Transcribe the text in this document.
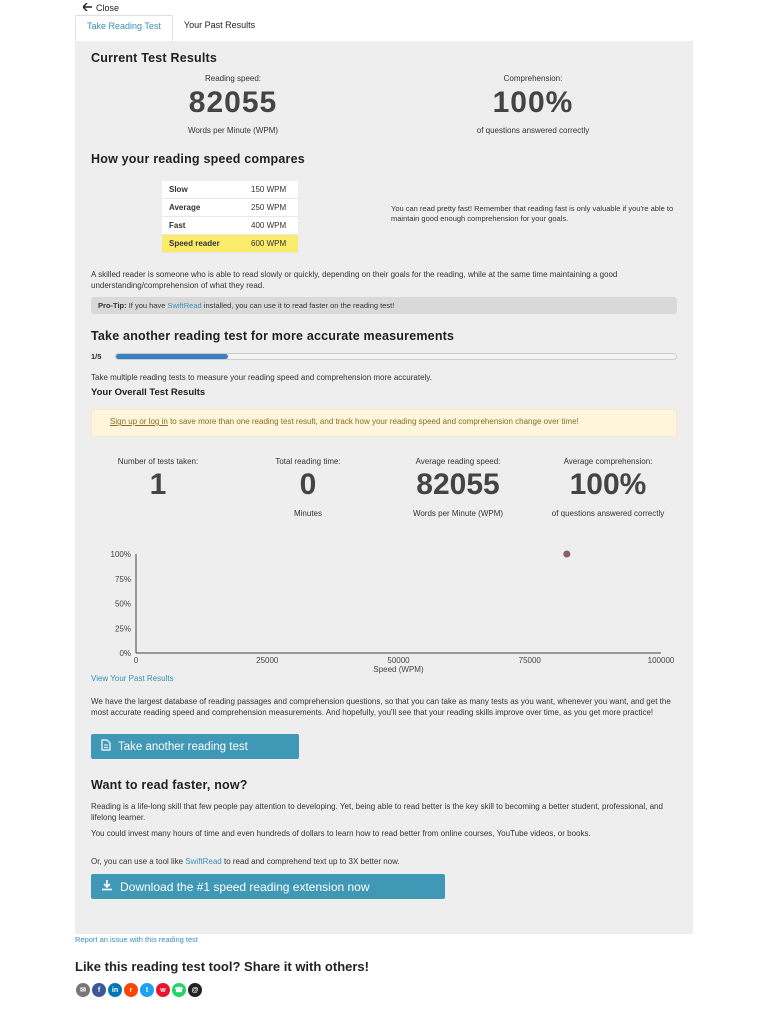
Close
Take Reading Test	Your Past Results
Current Test Results
Reading speed:
82055
Words per Minute (WPM)
Comprehension:
100%
of questions answered correctly
How your reading speed compares
Slow	150 WPM
Average	250 WPM
Fast	400 WPM
Speed reader	600 WPM
You can read pretty fast! Remember that reading fast is only valuable if you're able to maintain good enough comprehension for your goals.
A skilled reader is someone who is able to read slowly or quickly, depending on their goals for the reading, while at the same time maintaining a good understanding/comprehension of what they read.
Pro-Tip: If you have SwiftRead installed, you can use it to read faster on the reading test!
Take another reading test for more accurate measurements
1/5
Take multiple reading tests to measure your reading speed and comprehension more accurately.
Your Overall Test Results
Sign up or log in to save more than one reading test result, and track how your reading speed and comprehension change over time!
Number of tests taken:
1
Total reading time:
0
Minutes
Average reading speed:
82055
Words per Minute (WPM)
Average comprehension:
100%
of questions answered correctly
0%
25%
50%
75%
100%
0	25000	50000	75000	100000
Speed (WPM)
View Your Past Results
We have the largest database of reading passages and comprehension questions, so that you can take as many tests as you want, whenever you want, and get the most accurate reading speed and comprehension measurements. And hopefully, you'll see that your reading skills improve over time, as you get more practice!
Take another reading test
Want to read faster, now?
Reading is a life-long skill that few people pay attention to developing. Yet, being able to read better is the key skill to becoming a better student, professional, and lifelong learner.
You could invest many hours of time and even hundreds of dollars to learn how to read better from online courses, YouTube videos, or books.
Or, you can use a tool like SwiftRead to read and comprehend text up to 3X better now.
Download the #1 speed reading extension now
Report an issue with this reading test
Like this reading test tool? Share it with others!
✉	f	in	r	t	w	☎	@
